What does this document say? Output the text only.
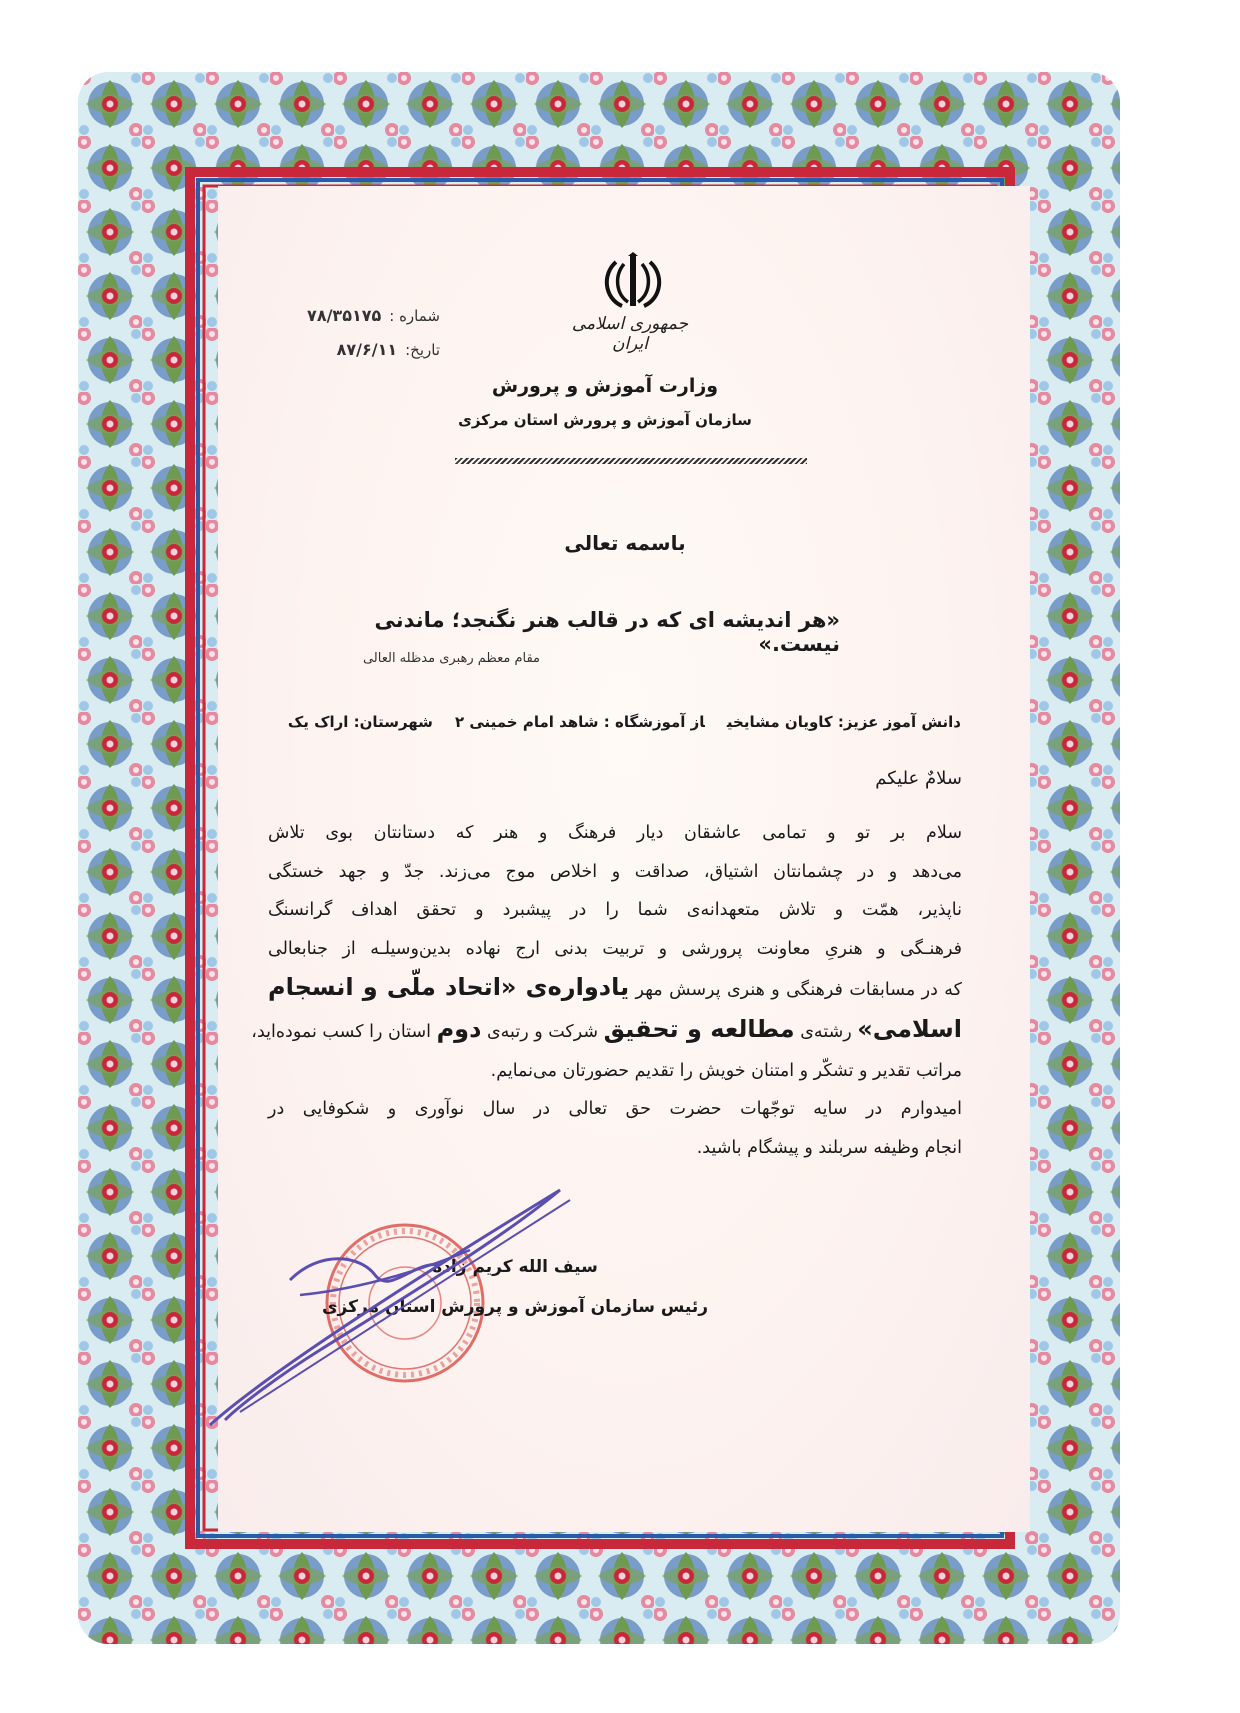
جمهوری اسلامی ایران
شماره :۷۸/۳۵۱۷۵
تاریخ:۸۷/۶/۱۱
وزارت آموزش و پرورش
سازمان آموزش و پرورش استان مرکزی
باسمه تعالی
«هر اندیشه ای که در قالب هنر نگنجد؛ ماندنی نیست.»
مقام معظم رهبری مدظله العالی
دانش آموز عزیز: کاویان مشایخیاز آموزشگاه : شاهد امام خمینی ۲شهرستان: اراک یک
سلامٌ علیکم
سلام بر تو و تمامی عاشقان دیار فرهنگ و هنر که دستانتان بوی تلاش
می‌دهد و در چشمانتان اشتیاق، صداقت و اخلاص موج می‌زند. جدّ و جهد خستگی
ناپذیر، همّت و تلاش متعهدانه‌ی شما را در پیشبرد و تحقق اهداف گرانسنگ
فرهنـگی و هنریِ معاونت پرورشی و تربیت بدنی ارج نهاده بدین‌وسیلـه از جنابعالی
که در مسابقات فرهنگی و هنری پرسش مهر یادواره‌ی «اتحاد ملّی و انسجام
اسلامی» رشته‌ی مطالعه و تحقیق شرکت و رتبه‌ی دوم استان را کسب نموده‌اید،
مراتب تقدیر و تشکّر و امتنان خویش را تقدیم حضورتان می‌نمایم.
امیدوارم در سایه توجّهات حضرت حق تعالی در سال نوآوری و شکوفایی در
انجام وظیفه سربلند و پیشگام باشید.
سیف الله کریم زاده
رئیس سازمان آموزش و پرورش استان مرکزی
